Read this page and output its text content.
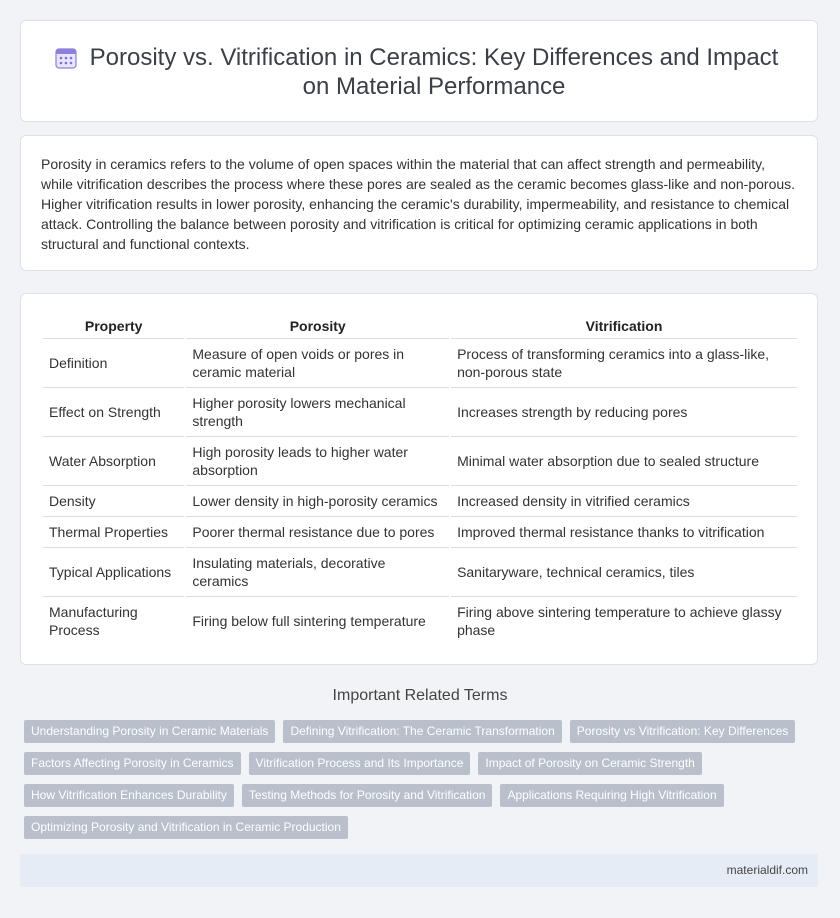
Porosity vs. Vitrification in Ceramics: Key Differences and Impact on Material Performance

Porosity in ceramics refers to the volume of open spaces within the material that can affect strength and permeability, while vitrification describes the process where these pores are sealed as the ceramic becomes glass-like and non-porous. Higher vitrification results in lower porosity, enhancing the ceramic's durability, impermeability, and resistance to chemical attack. Controlling the balance between porosity and vitrification is critical for optimizing ceramic applications in both structural and functional contexts.

Property	Porosity	Vitrification
Definition	Measure of open voids or pores in ceramic material	Process of transforming ceramics into a glass-like, non-porous state
Effect on Strength	Higher porosity lowers mechanical strength	Increases strength by reducing pores
Water Absorption	High porosity leads to higher water absorption	Minimal water absorption due to sealed structure
Density	Lower density in high-porosity ceramics	Increased density in vitrified ceramics
Thermal Properties	Poorer thermal resistance due to pores	Improved thermal resistance thanks to vitrification
Typical Applications	Insulating materials, decorative ceramics	Sanitaryware, technical ceramics, tiles
Manufacturing Process	Firing below full sintering temperature	Firing above sintering temperature to achieve glassy phase
Important Related Terms
Understanding Porosity in Ceramic Materials	Defining Vitrification: The Ceramic Transformation	Porosity vs Vitrification: Key Differences
Factors Affecting Porosity in Ceramics	Vitrification Process and Its Importance	Impact of Porosity on Ceramic Strength
How Vitrification Enhances Durability	Testing Methods for Porosity and Vitrification	Applications Requiring High Vitrification
Optimizing Porosity and Vitrification in Ceramic Production
materialdif.com
